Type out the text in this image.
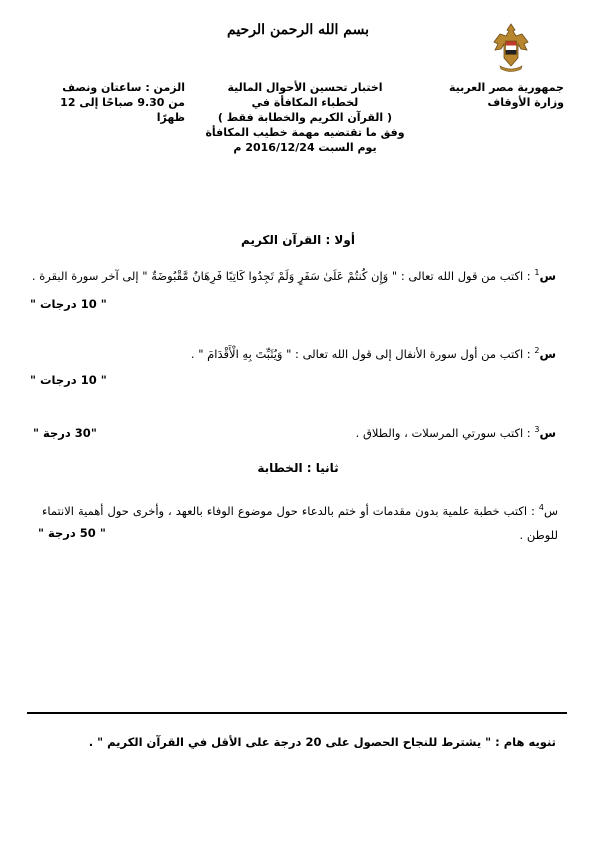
بسم الله الرحمن الرحيم
جمهورية مصر العربية
وزارة الأوقاف
اختبار تحسين الأحوال المالية
لخطباء المكافأة في
( القرآن الكريم والخطابة فقط )
وفق ما تقتضيه مهمة خطيب المكافأة
يوم السبت 2016/12/24 م
الزمن : ساعتان ونصف
من 9.30 صباحًا إلى 12 ظهرًا
أولا : القرآن الكريم
س$^1$ : اكتب من قول الله تعالى : " وَإِن كُنتُمْ عَلَىٰ سَفَرٍ وَلَمْ تَجِدُوا كَاتِبًا فَرِهَانٌ مَّقْبُوضَةٌ " إلى آخر سورة البقرة .
" 10 درجات "
س$^2$ : اكتب من أول سورة الأنفال إلى قول الله تعالى : " وَيُثَبِّتَ بِهِ الْأَقْدَامَ " .
" 10 درجات "
س$^3$ : اكتب سورتي المرسلات ، والطلاق .
"30 درجة "
ثانيا : الخطابة
س$^4$ : اكتب خطبة علمية بدون مقدمات أو ختم بالدعاء حول موضوع الوفاء بالعهد ، وأخرى حول أهمية الانتماء للوطن .
" 50 درجة "
تنويه هام : " يشترط للنجاح الحصول على 20 درجة على الأقل في القرآن الكريم " .
